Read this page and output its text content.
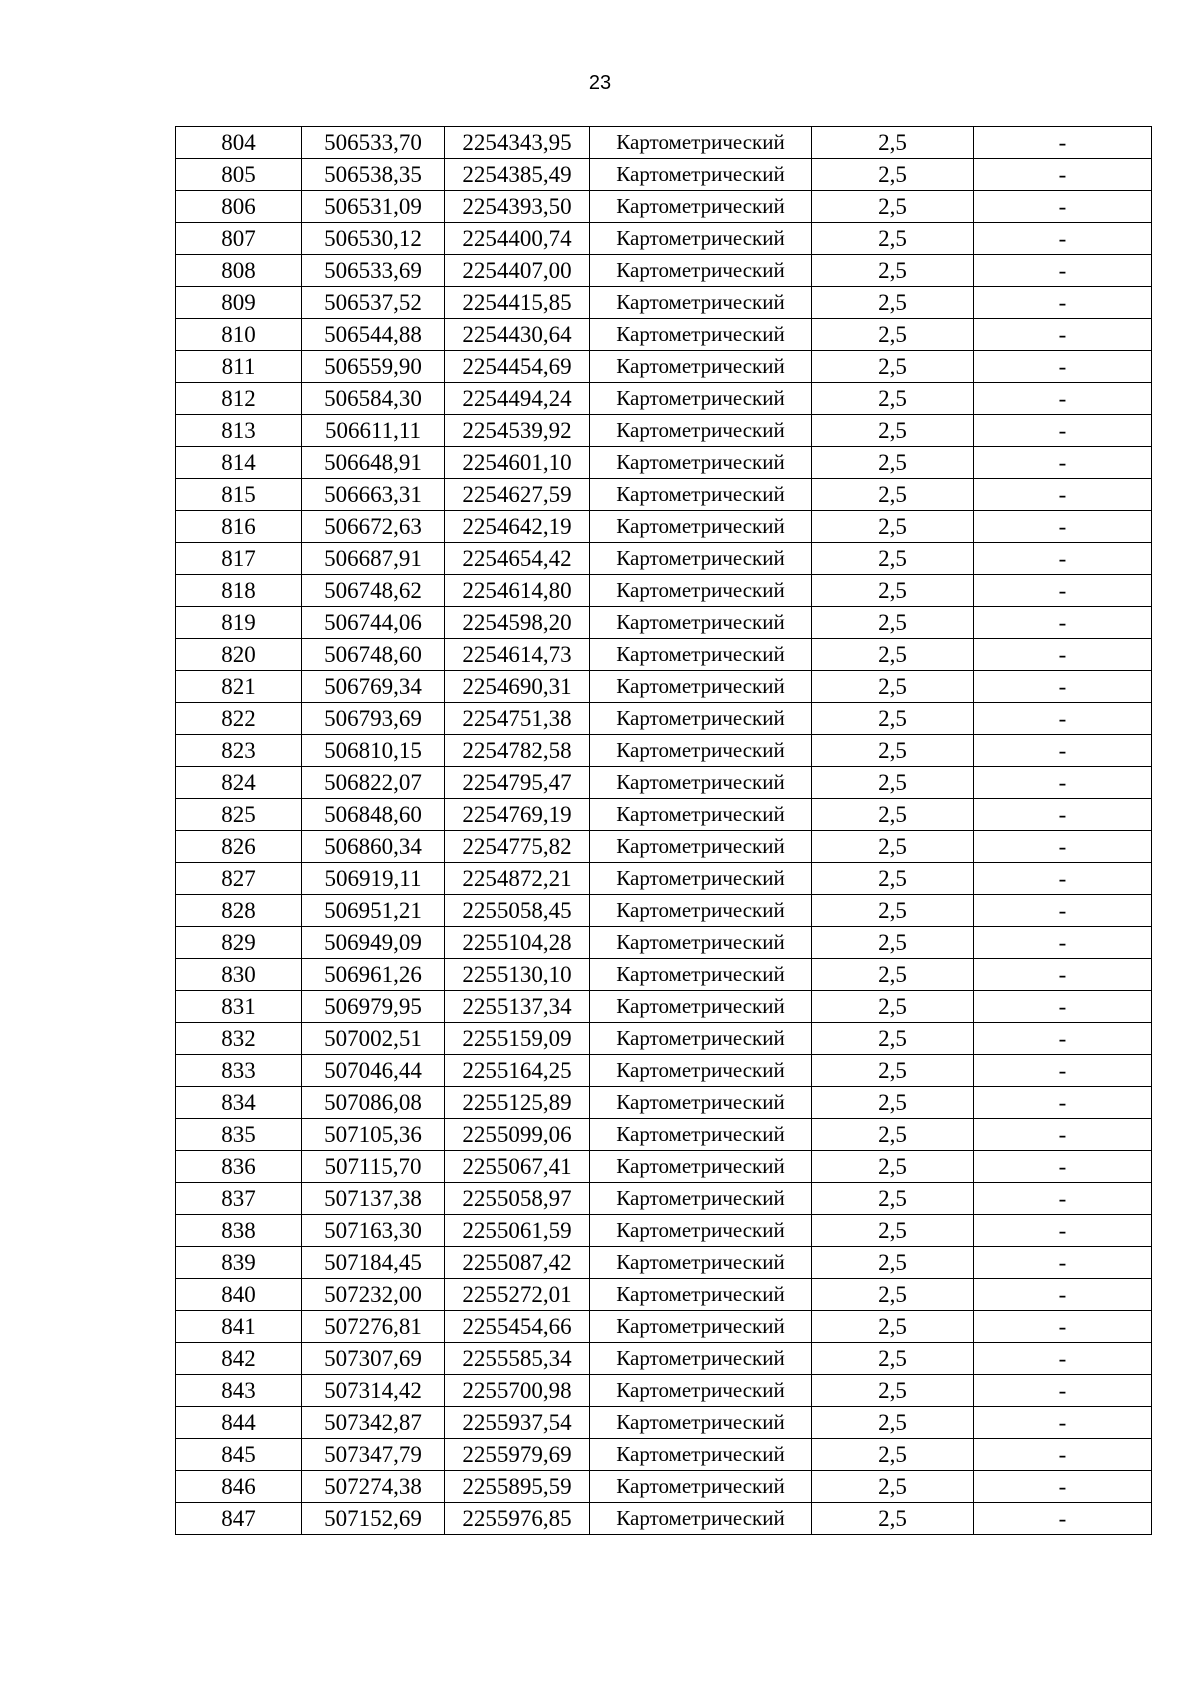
23
804	506533,70	2254343,95	Картометрический	2,5	-
805	506538,35	2254385,49	Картометрический	2,5	-
806	506531,09	2254393,50	Картометрический	2,5	-
807	506530,12	2254400,74	Картометрический	2,5	-
808	506533,69	2254407,00	Картометрический	2,5	-
809	506537,52	2254415,85	Картометрический	2,5	-
810	506544,88	2254430,64	Картометрический	2,5	-
811	506559,90	2254454,69	Картометрический	2,5	-
812	506584,30	2254494,24	Картометрический	2,5	-
813	506611,11	2254539,92	Картометрический	2,5	-
814	506648,91	2254601,10	Картометрический	2,5	-
815	506663,31	2254627,59	Картометрический	2,5	-
816	506672,63	2254642,19	Картометрический	2,5	-
817	506687,91	2254654,42	Картометрический	2,5	-
818	506748,62	2254614,80	Картометрический	2,5	-
819	506744,06	2254598,20	Картометрический	2,5	-
820	506748,60	2254614,73	Картометрический	2,5	-
821	506769,34	2254690,31	Картометрический	2,5	-
822	506793,69	2254751,38	Картометрический	2,5	-
823	506810,15	2254782,58	Картометрический	2,5	-
824	506822,07	2254795,47	Картометрический	2,5	-
825	506848,60	2254769,19	Картометрический	2,5	-
826	506860,34	2254775,82	Картометрический	2,5	-
827	506919,11	2254872,21	Картометрический	2,5	-
828	506951,21	2255058,45	Картометрический	2,5	-
829	506949,09	2255104,28	Картометрический	2,5	-
830	506961,26	2255130,10	Картометрический	2,5	-
831	506979,95	2255137,34	Картометрический	2,5	-
832	507002,51	2255159,09	Картометрический	2,5	-
833	507046,44	2255164,25	Картометрический	2,5	-
834	507086,08	2255125,89	Картометрический	2,5	-
835	507105,36	2255099,06	Картометрический	2,5	-
836	507115,70	2255067,41	Картометрический	2,5	-
837	507137,38	2255058,97	Картометрический	2,5	-
838	507163,30	2255061,59	Картометрический	2,5	-
839	507184,45	2255087,42	Картометрический	2,5	-
840	507232,00	2255272,01	Картометрический	2,5	-
841	507276,81	2255454,66	Картометрический	2,5	-
842	507307,69	2255585,34	Картометрический	2,5	-
843	507314,42	2255700,98	Картометрический	2,5	-
844	507342,87	2255937,54	Картометрический	2,5	-
845	507347,79	2255979,69	Картометрический	2,5	-
846	507274,38	2255895,59	Картометрический	2,5	-
847	507152,69	2255976,85	Картометрический	2,5	-
